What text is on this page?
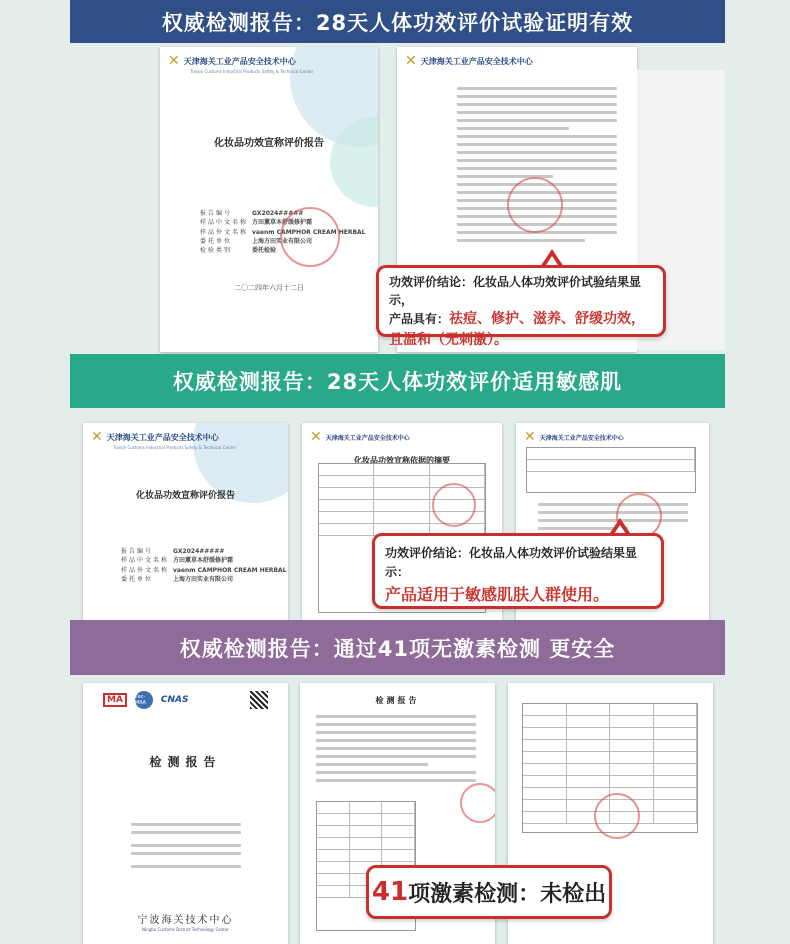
权威检测报告：28天人体功效评价试验证明有效
✕ 天津海关工业产品安全技术中心
Tianjin Customs Industrial Products Safety & Technical Center
化妆品功效宣称评价报告
报告编号	GX2024#####
样品中文名称 方田薰草本舒缓修护霜
样品外文名称 vaenm CAMPHOR CREAM HERBAL
委托单位	上海方田实业有限公司
检验类别	委托检验
二〇二四年六月十二日
✕ 天津海关工业产品安全技术中心
功效评价结论：化妆品人体功效评价试验结果显示，
产品具有：祛痘、修护、滋养、舒缓功效，
且温和（无刺激）。
权威检测报告：28天人体功效评价适用敏感肌
✕ 天津海关工业产品安全技术中心
Tianjin Customs Industrial Products Safety & Technical Center
化妆品功效宣称评价报告
报告编号	GX2024#####
样品中文名称 方田薰草本舒缓修护霜
样品外文名称 vaenm CAMPHOR CREAM HERBAL
委托单位	上海方田实业有限公司
✕ 天津海关工业产品安全技术中心
化妆品功效宣称依据的摘要
✕ 天津海关工业产品安全技术中心
功效评价结论：化妆品人体功效评价试验结果显示：
产品适用于敏感肌肤人群使用。
权威检测报告：通过41项无激素检测 更安全
MA	ilac-MRA	CNAS
检测报告
宁波海关技术中心
Ningbo Customs District Technology Center
检测报告
41 项激素检测：未检出
